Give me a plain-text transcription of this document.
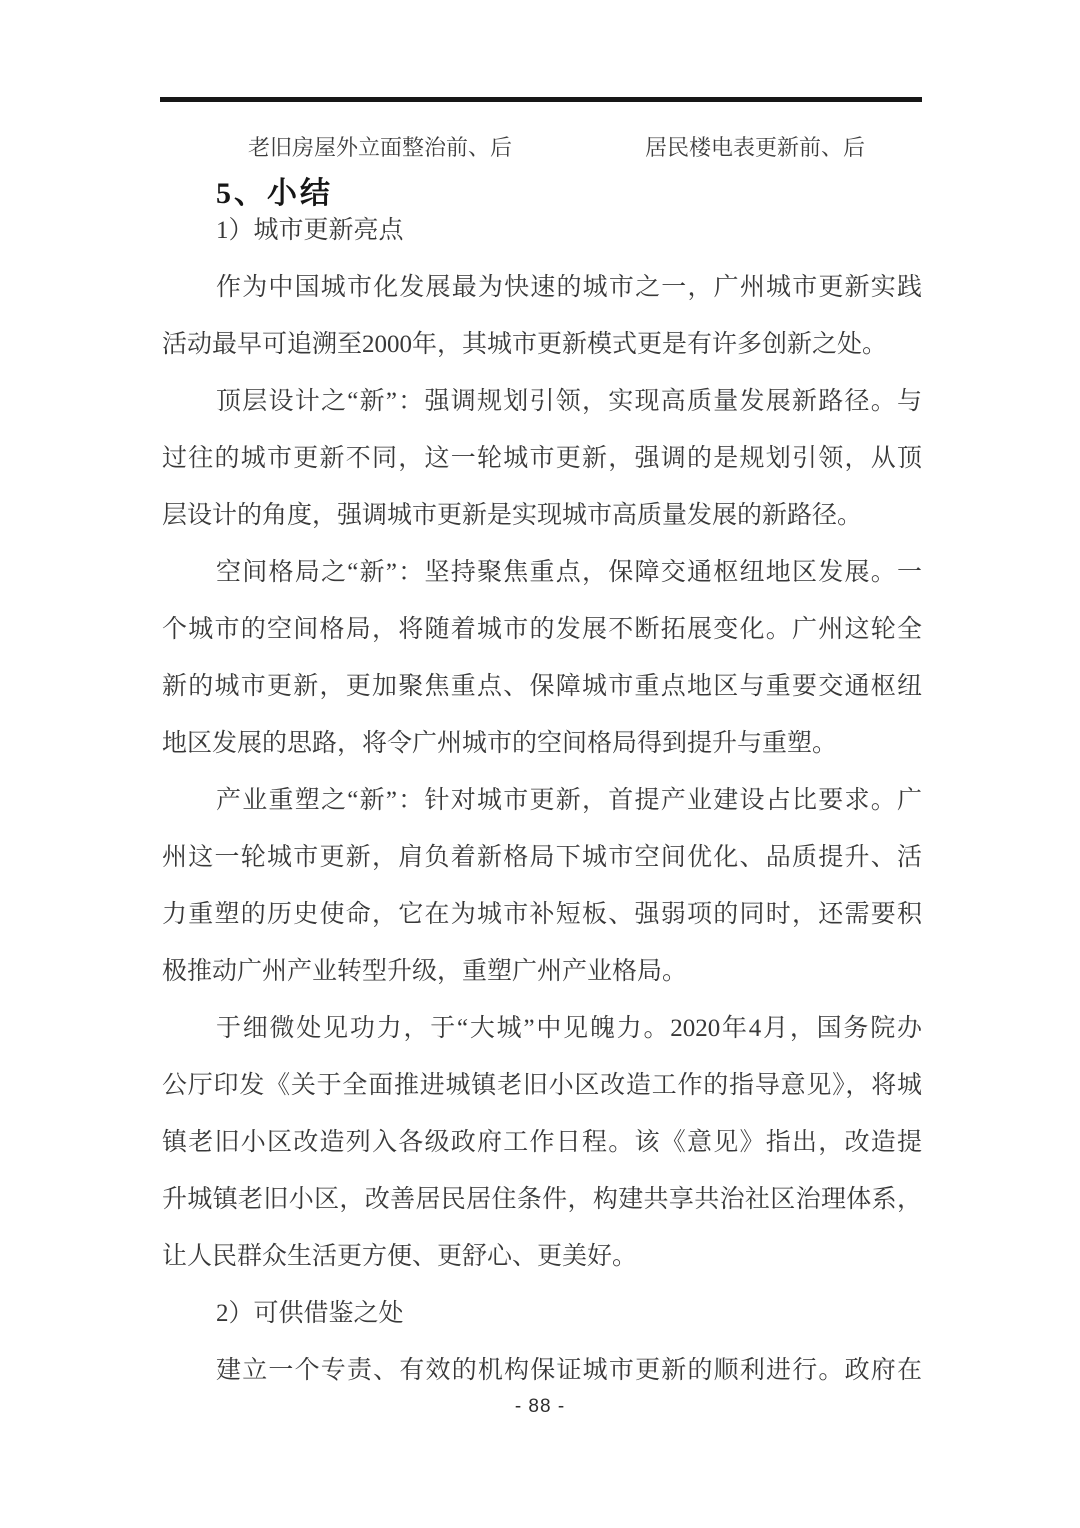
老旧房屋外立面整治前、后	居民楼电表更新前、后
5、小结
1）城市更新亮点
作为中国城市化发展最为快速的城市之一，广州城市更新实践
活动最早可追溯至2000年，其城市更新模式更是有许多创新之处。
顶层设计之“新”：强调规划引领，实现高质量发展新路径。与
过往的城市更新不同，这一轮城市更新，强调的是规划引领，从顶
层设计的角度，强调城市更新是实现城市高质量发展的新路径。
空间格局之“新”：坚持聚焦重点，保障交通枢纽地区发展。一
个城市的空间格局，将随着城市的发展不断拓展变化。广州这轮全
新的城市更新，更加聚焦重点、保障城市重点地区与重要交通枢纽
地区发展的思路，将令广州城市的空间格局得到提升与重塑。
产业重塑之“新”：针对城市更新，首提产业建设占比要求。广
州这一轮城市更新，肩负着新格局下城市空间优化、品质提升、活
力重塑的历史使命，它在为城市补短板、强弱项的同时，还需要积
极推动广州产业转型升级，重塑广州产业格局。
于细微处见功力，于“大城”中见魄力。2020年4月，国务院办
公厅印发《关于全面推进城镇老旧小区改造工作的指导意见》，将城
镇老旧小区改造列入各级政府工作日程。该《意见》指出，改造提
升城镇老旧小区，改善居民居住条件，构建共享共治社区治理体系，
让人民群众生活更方便、更舒心、更美好。
2）可供借鉴之处
建立一个专责、有效的机构保证城市更新的顺利进行。政府在
- 88 -
